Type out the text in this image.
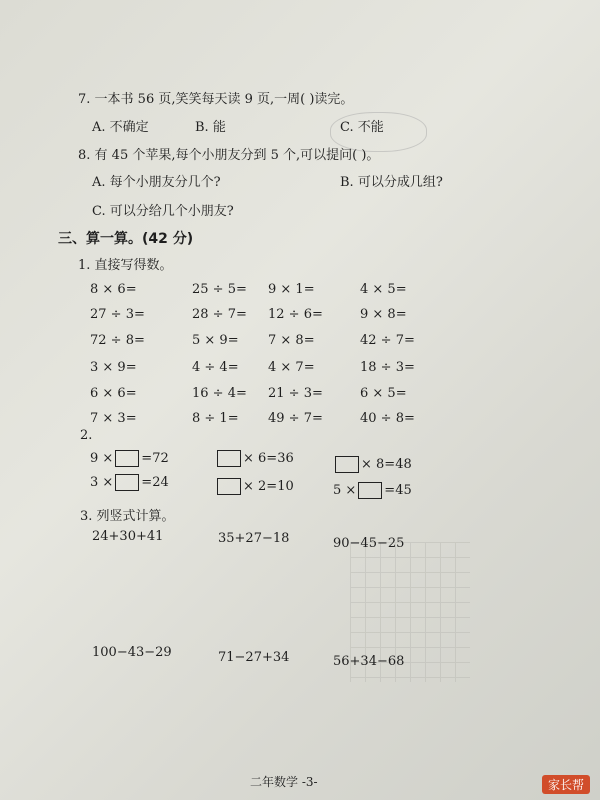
7. 一本书 56 页,笑笑每天读 9 页,一周( )读完。
A. 不确定	B. 能	C. 不能
8. 有 45 个苹果,每个小朋友分到 5 个,可以提问( )。
A. 每个小朋友分几个?	B. 可以分成几组?
C. 可以分给几个小朋友?
三、算一算。(42 分)
1. 直接写得数。
8 × 6=	25 ÷ 5= 9 × 1=	4 × 5=
27 ÷ 3=	28 ÷ 7= 12 ÷ 6=	9 × 8=
72 ÷ 8=	5 × 9= 7 × 8=	42 ÷ 7=
3 × 9=	4 ÷ 4= 4 × 7=	18 ÷ 3=
6 × 6=	16 ÷ 4= 21 ÷ 3=	6 × 5=
7 × 3=	8 ÷ 1= 49 ÷ 7=	40 ÷ 8=
2.
9 × =72	× 6=36	× 8=48
3 × =24	× 2=10	5 × =45
3. 列竖式计算。
24+30+41	35+27−18	90−45−25
100−43−29	71−27+34	56+34−68
二年数学 -3-	家长帮
